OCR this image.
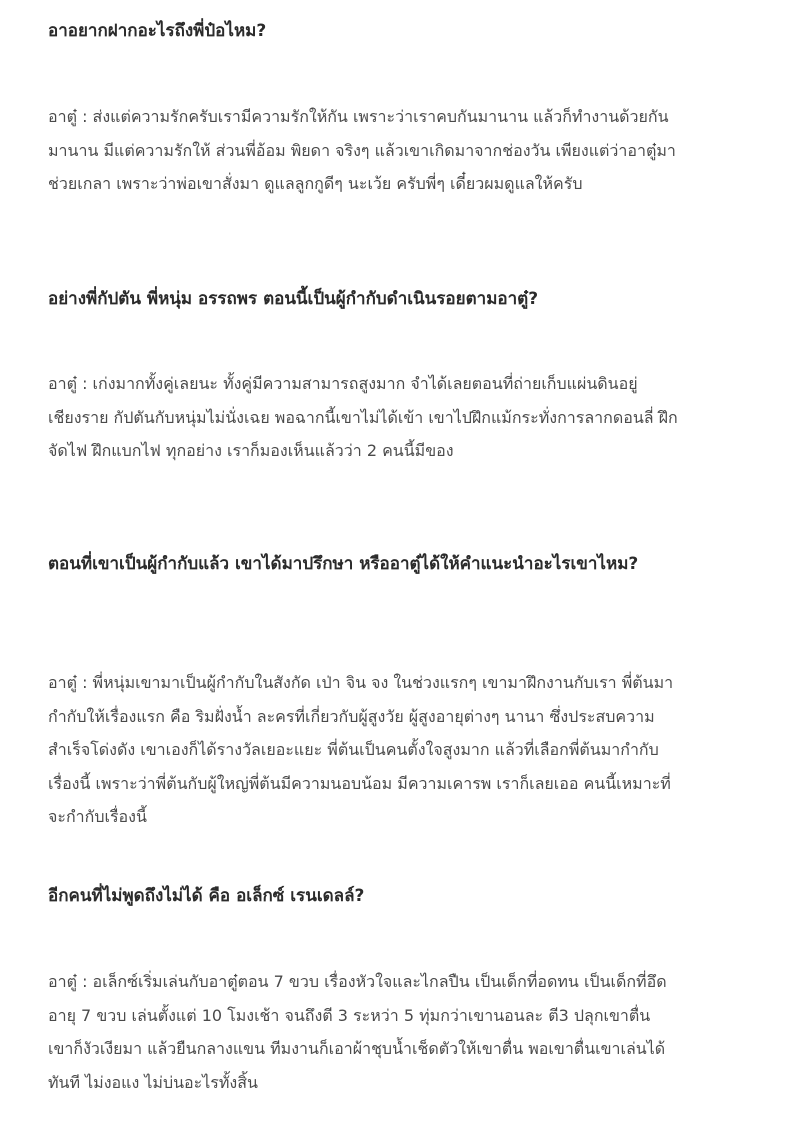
อาอยากฝากอะไรถึงพี่ป๋อไหม?

อาตู๋ : ส่งแต่ความรักครับเรามีความรักให้กัน เพราะว่าเราคบกันมานาน แล้วก็ทำงานด้วยกันมานาน มีแต่ความรักให้ ส่วนพี่อ้อม พิยดา จริงๆ แล้วเขาเกิดมาจากช่องวัน เพียงแต่ว่าอาตู๋มาช่วยเกลา เพราะว่าพ่อเขาสั่งมา ดูแลลูกกูดีๆ นะเว้ย ครับพี่ๆ เดี๋ยวผมดูแลให้ครับ

อย่างพี่กัปตัน พี่หนุ่ม อรรถพร ตอนนี้เป็นผู้กำกับดำเนินรอยตามอาตู๋?

อาตู๋ : เก่งมากทั้งคู่เลยนะ ทั้งคู่มีความสามารถสูงมาก จำได้เลยตอนที่ถ่ายเก็บแผ่นดินอยู่เชียงราย กัปตันกับหนุ่มไม่นั่งเฉย พอฉากนี้เขาไม่ได้เข้า เขาไปฝึกแม้กระทั่งการลากดอนลี่ ฝึกจัดไฟ ฝึกแบกไฟ ทุกอย่าง เราก็มองเห็นแล้วว่า 2 คนนี้มีของ

ตอนที่เขาเป็นผู้กำกับแล้ว เขาได้มาปรึกษา หรืออาตู๋ได้ให้คำแนะนำอะไรเขาไหม?

อาตู๋ : พี่หนุ่มเขามาเป็นผู้กำกับในสังกัด เป่า จิน จง ในช่วงแรกๆ เขามาฝึกงานกับเรา พี่ต้นมากำกับให้เรื่องแรก คือ ริมฝั่งน้ำ ละครที่เกี่ยวกับผู้สูงวัย ผู้สูงอายุต่างๆ นานา ซึ่งประสบความสำเร็จโด่งดัง เขาเองก็ได้รางวัลเยอะแยะ พี่ต้นเป็นคนตั้งใจสูงมาก แล้วที่เลือกพี่ต้นมากำกับเรื่องนี้ เพราะว่าพี่ต้นกับผู้ใหญ่พี่ต้นมีความนอบน้อม มีความเคารพ เราก็เลยเออ คนนี้เหมาะที่จะกำกับเรื่องนี้

อีกคนที่ไม่พูดถึงไม่ได้ คือ อเล็กซ์ เรนเดลล์?

อาตู๋ : อเล็กซ์เริ่มเล่นกับอาตู๋ตอน 7 ขวบ เรื่องหัวใจและไกลปืน เป็นเด็กที่อดทน เป็นเด็กที่อึด อายุ 7 ขวบ เล่นตั้งแต่ 10 โมงเช้า จนถึงตี 3 ระหว่า 5 ทุ่มกว่าเขานอนละ ตี3 ปลุกเขาตื่น เขาก็งัวเงียมา แล้วยืนกลางแขน ทีมงานก็เอาผ้าชุบน้ำเช็ดตัวให้เขาตื่น พอเขาตื่นเขาเล่นได้ทันที ไม่งอแง ไม่บ่นอะไรทั้งสิ้น
